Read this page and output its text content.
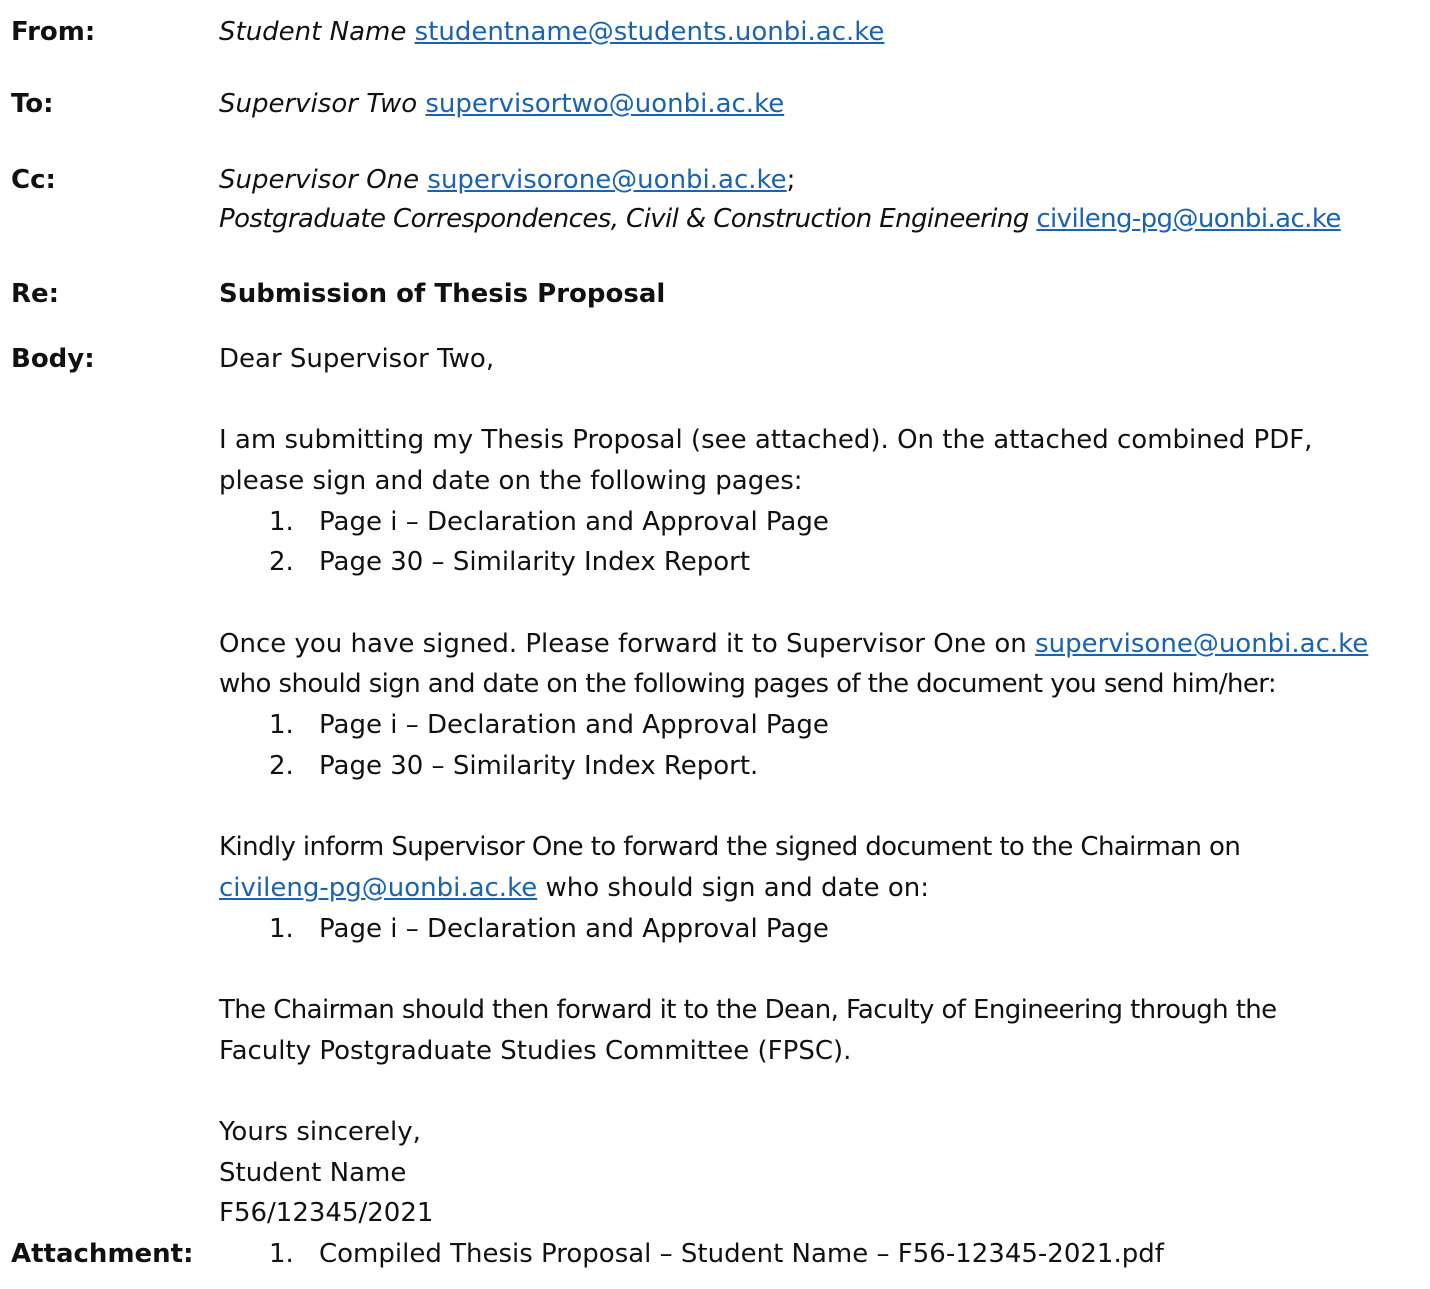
From:	Student Name studentname@students.uonbi.ac.ke
To:	Supervisor Two supervisortwo@uonbi.ac.ke
Cc:	Supervisor One supervisorone@uonbi.ac.ke;
Postgraduate Correspondences, Civil & Construction Engineering civileng-pg@uonbi.ac.ke
Re:	Submission of Thesis Proposal
Body:	Dear Supervisor Two,
I am submitting my Thesis Proposal (see attached). On the attached combined PDF,
please sign and date on the following pages:
1. Page i – Declaration and Approval Page
2. Page 30 – Similarity Index Report
Once you have signed. Please forward it to Supervisor One on supervisone@uonbi.ac.ke
who should sign and date on the following pages of the document you send him/her:
1. Page i – Declaration and Approval Page
2. Page 30 – Similarity Index Report.
Kindly inform Supervisor One to forward the signed document to the Chairman on
civileng-pg@uonbi.ac.ke who should sign and date on:
1. Page i – Declaration and Approval Page
The Chairman should then forward it to the Dean, Faculty of Engineering through the
Faculty Postgraduate Studies Committee (FPSC).
Yours sincerely,
Student Name
F56/12345/2021
Attachment:	1. Compiled Thesis Proposal – Student Name – F56-12345-2021.pdf
